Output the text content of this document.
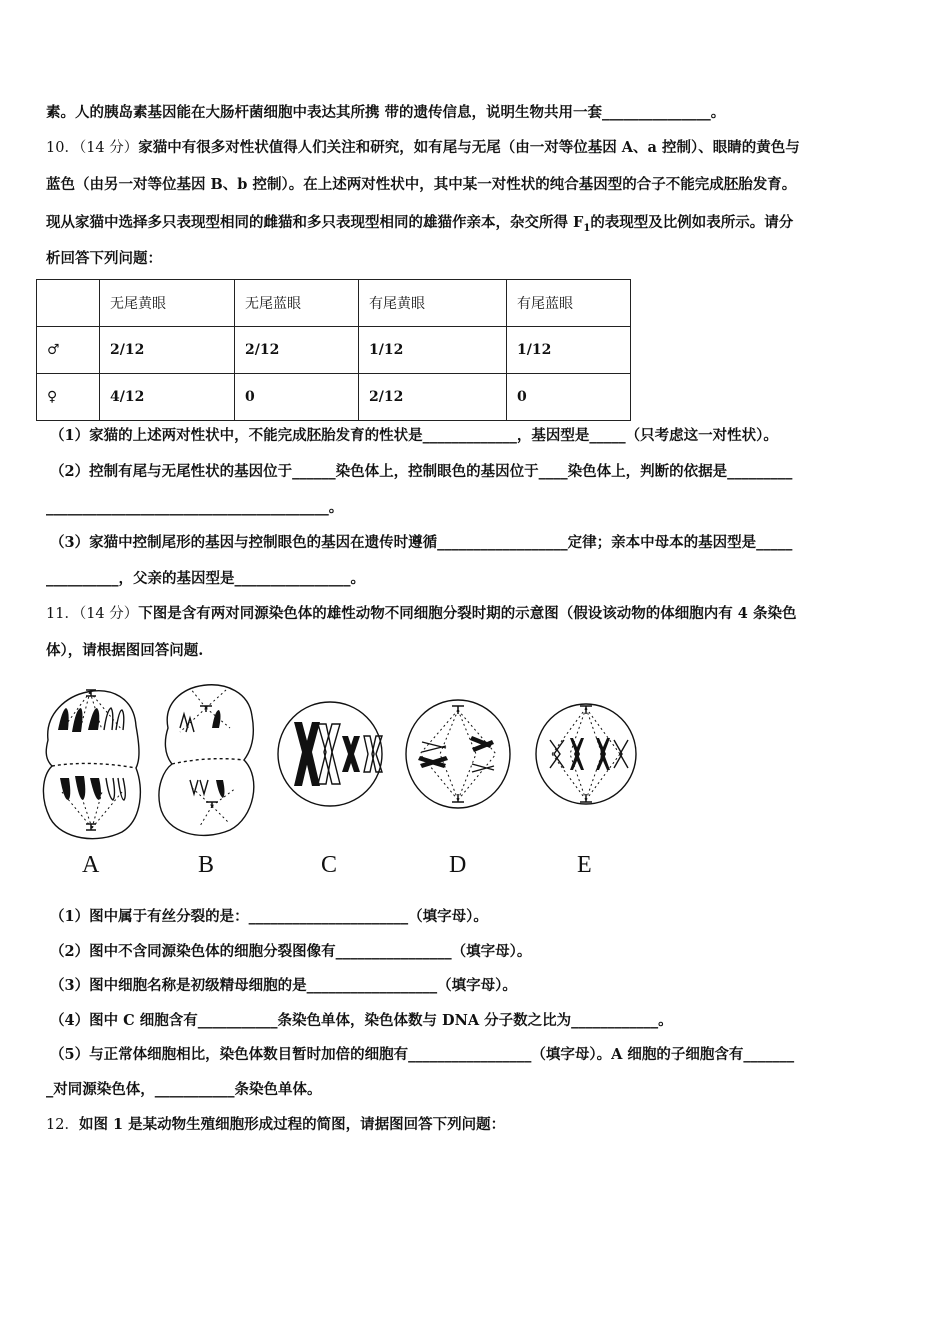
素。人的胰岛素基因能在大肠杆菌细胞中表达其所携 带的遗传信息，说明生物共用一套_______________。
10．（14 分）家猫中有很多对性状值得人们关注和研究，如有尾与无尾（由一对等位基因 A、a 控制）、眼睛的黄色与
蓝色（由另一对等位基因 B、b 控制）。在上述两对性状中，其中某一对性状的纯合基因型的合子不能完成胚胎发育。
现从家猫中选择多只表现型相同的雌猫和多只表现型相同的雄猫作亲本，杂交所得 $F_1$的表现型及比例如表所示。请分
析回答下列问题：
	无尾黄眼	无尾蓝眼	有尾黄眼	有尾蓝眼
♂	2/12	2/12	1/12	1/12
♀	4/12	0	2/12	0
（1）家猫的上述两对性状中，不能完成胚胎发育的性状是_____________，基因型是_____（只考虑这一对性状）。
（2）控制有尾与无尾性状的基因位于______染色体上，控制眼色的基因位于____染色体上，判断的依据是_________
_______________________________________。
（3）家猫中控制尾形的基因与控制眼色的基因在遗传时遵循__________________定律；亲本中母本的基因型是_____
__________，父亲的基因型是________________。
11．（14 分）下图是含有两对同源染色体的雄性动物不同细胞分裂时期的示意图（假设该动物的体细胞内有 4 条染色
体），请根据图回答问题.
A	B	C	D	E
（1）图中属于有丝分裂的是：______________________（填字母）。
（2）图中不含同源染色体的细胞分裂图像有________________（填字母）。
（3）图中细胞名称是初级精母细胞的是__________________（填字母）。
（4）图中 C 细胞含有___________条染色单体，染色体数与 DNA 分子数之比为____________。
（5）与正常体细胞相比，染色体数目暂时加倍的细胞有_________________（填字母）。A 细胞的子细胞含有_______
_对同源染色体，___________条染色单体。
12．如图 1 是某动物生殖细胞形成过程的简图，请据图回答下列问题：
